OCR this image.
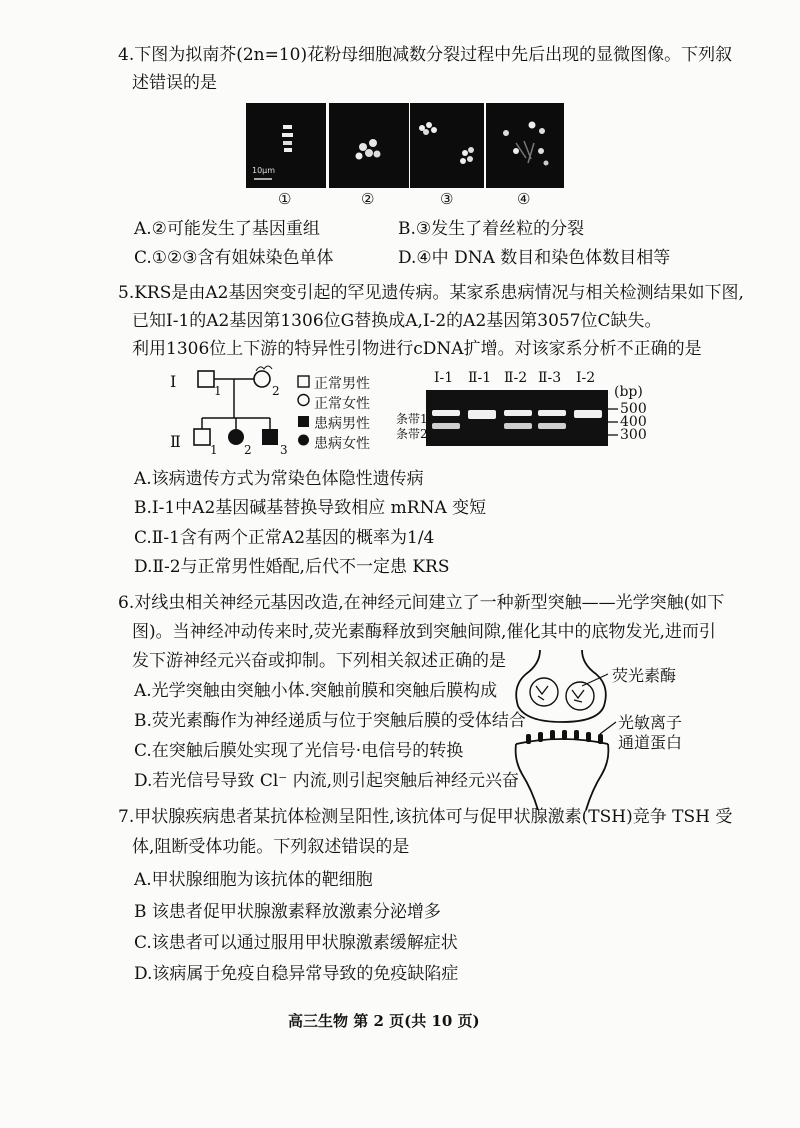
4.下图为拟南芥(2n=10)花粉母细胞减数分裂过程中先后出现的显微图像。下列叙
述错误的是
10μm
①	②	③	④
A.②可能发生了基因重组	B.③发生了着丝粒的分裂
C.①②③含有姐妹染色单体	D.④中 DNA 数目和染色体数目相等
5.KRS是由A2基因突变引起的罕见遗传病。某家系患病情况与相关检测结果如下图,
已知Ⅰ-1的A2基因第1306位G替换成A,Ⅰ-2的A2基因第3057位C缺失。
利用1306位上下游的特异性引物进行cDNA扩增。对该家系分析不正确的是
Ⅰ
Ⅱ
1	2
1 2 3
正常男性
正常女性
患病男性
患病女性
Ⅰ-1 Ⅱ-1 Ⅱ-2 Ⅱ-3 Ⅰ-2
(bp)
条带1
条带2
500
400
300
A.该病遗传方式为常染色体隐性遗传病
B.Ⅰ-1中A2基因碱基替换导致相应 mRNA 变短
C.Ⅱ-1含有两个正常A2基因的概率为1/4
D.Ⅱ-2与正常男性婚配,后代不一定患 KRS
6.对线虫相关神经元基因改造,在神经元间建立了一种新型突触——光学突触(如下
图)。当神经冲动传来时,荧光素酶释放到突触间隙,催化其中的底物发光,进而引
发下游神经元兴奋或抑制。下列相关叙述正确的是
A.光学突触由突触小体.突触前膜和突触后膜构成
B.荧光素酶作为神经递质与位于突触后膜的受体结合
C.在突触后膜处实现了光信号·电信号的转换
D.若光信号导致 Cl⁻ 内流,则引起突触后神经元兴奋
荧光素酶
光敏离子
通道蛋白
7.甲状腺疾病患者某抗体检测呈阳性,该抗体可与促甲状腺激素(TSH)竞争 TSH 受
体,阻断受体功能。下列叙述错误的是
A.甲状腺细胞为该抗体的靶细胞
B 该患者促甲状腺激素释放激素分泌增多
C.该患者可以通过服用甲状腺激素缓解症状
D.该病属于免疫自稳异常导致的免疫缺陷症
高三生物 第 2 页(共 10 页)
